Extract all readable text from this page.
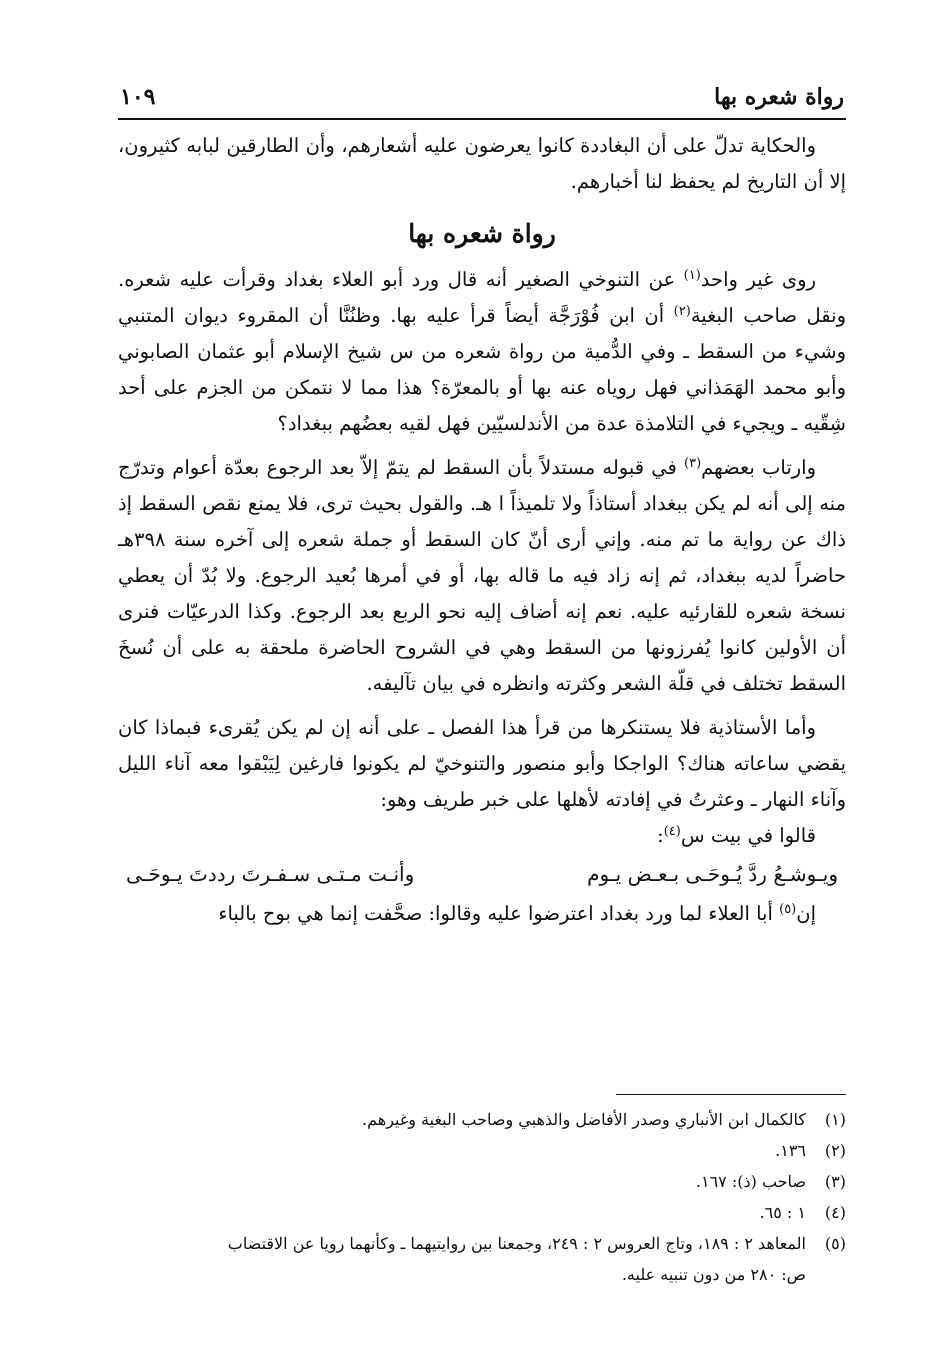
رواة شعره بها
١٠٩

والحكاية تدلّ على أن البغاددة كانوا يعرضون عليه أشعارهم، وأن الطارقين لبابه كثيرون، إلا أن التاريخ لم يحفظ لنا أخبارهم.

رواة شعره بها

روى غير واحد$^{(١)}$ عن التنوخي الصغير أنه قال ورد أبو العلاء بغداد وقرأت عليه شعره. ونقل صاحب البغية$^{(٢)}$ أن ابن فُوْرَجَّة أيضاً قرأ عليه بها. وظنُنَّا أن المقروء ديوان المتنبي وشيء من السقط ـ وفي الدُّمية من رواة شعره من س شيخ الإسلام أبو عثمان الصابوني وأبو محمد الهَمَذاني فهل روياه عنه بها أو بالمعرّة؟ هذا مما لا نتمكن من الجزم على أحد شِقّيه ـ ويجيء في التلامذة عدة من الأندلسيّين فهل لقيه بعضُهم ببغداد؟

وارتاب بعضهم$^{(٣)}$ في قبوله مستدلاً بأن السقط لم يتمّ إلاّ بعد الرجوع بعدّة أعوام وتدرّج منه إلى أنه لم يكن ببغداد أستاذاً ولا تلميذاً ا هـ. والقول بحيث ترى، فلا يمنع نقص السقط إذ ذاك عن رواية ما تم منه. وإني أرى أنّ كان السقط أو جملة شعره إلى آخره سنة ٣٩٨هـ حاضراً لديه ببغداد، ثم إنه زاد فيه ما قاله بها، أو في أمرها بُعيد الرجوع. ولا بُدّ أن يعطي نسخة شعره للقارئيه عليه. نعم إنه أضاف إليه نحو الربع بعد الرجوع. وكذا الدرعيّات فنرى أن الأولين كانوا يُفرزونها من السقط وهي في الشروح الحاضرة ملحقة به على أن نُسخَ السقط تختلف في قلّة الشعر وكثرته وانظره في بيان تآليفه.

وأما الأستاذية فلا يستنكرها من قرأ هذا الفصل ـ على أنه إن لم يكن يُقرىء فبماذا كان يقضي ساعاته هناك؟ الواجكا وأبو منصور والتنوخيّ لم يكونوا فارغين لِيَبْقوا معه آناء الليل وآناء النهار ـ وعثرتُ في إفادته لأهلها على خبر طريف وهو:

قالوا في بيت س$^{(٤)}$:

ويـوشـعُ ردَّ يُـوحَـى بـعـض يـوم
وأنـت مـتـى سـفـرتَ رددتَ يـوحَـى

إن$^{(٥)}$ أبا العلاء لما ورد بغداد اعترضوا عليه وقالوا: صحَّفت إنما هي بوح بالباء

(١)
كالكمال ابن الأنباري وصدر الأفاضل والذهبي وصاحب البغية وغيرهم.
(٢)
١٣٦.
(٣)
صاحب (ذ): ١٦٧.
(٤)
١ : ٦٥.
(٥)
المعاهد ٢ : ١٨٩، وتاج العروس ٢ : ٢٤٩، وجمعنا بين روايتيهما ـ وكأنهما رويا عن الاقتضاب
ص: ٢٨٠ من دون تنبيه عليه.
